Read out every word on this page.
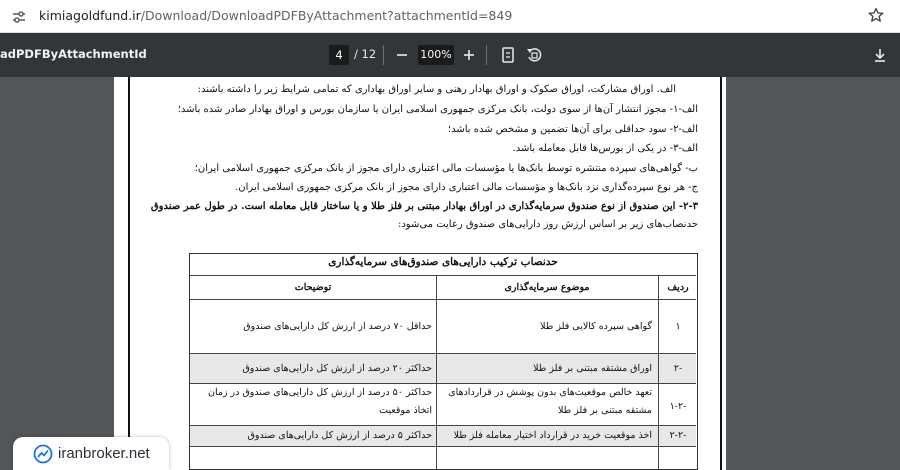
kimiagoldfund.ir/Download/DownloadPDFByAttachment?attachmentId=849
adPDFByAttachmentId	4 / 12	100%
الف. اوراق مشارکت، اوراق صکوک و اوراق بهادار رهنی و سایر اوراق بهاداری که تمامی شرایط زیر را داشته باشند:
الف-۱- مجوز انتشار آن‌ها از سوی دولت، بانک مرکزی جمهوری اسلامی ایران یا سازمان بورس و اوراق بهادار صادر شده باشد؛
الف-۲- سود حداقلی برای آن‌ها تضمین و مشخص شده باشد؛
الف-۳- در یکی از بورس‌ها قابل معامله باشد.
ب- گواهی‌های سپرده منتشره توسط بانک‌ها یا مؤسسات مالی اعتباری دارای مجوز از بانک مرکزی جمهوری اسلامی ایران؛
ج- هر نوع سپرده‌گذاری نزد بانک‌ها و مؤسسات مالی اعتباری دارای مجوز از بانک مرکزی جمهوری اسلامی ایران.
۲-۳- این صندوق از نوع صندوق سرمایه‌گذاری در اوراق بهادار مبتنی بر فلز طلا و یا ساختار قابل معامله است. در طول عمر صندوق
حدنصاب‌های زیر بر اساس ارزش روز دارایی‌های صندوق رعایت می‌شود:
حدنصاب ترکیب دارایی‌های صندوق‌های سرمایه‌گذاری
ردیف
موضوع سرمایه‌گذاری
توضیحات
۱
گواهی سپرده کالایی فلز طلا
حداقل ۷۰ درصد از ارزش کل دارایی‌های صندوق
-۲
اوراق مشتقه مبتنی بر فلز طلا
حداکثر ۲۰ درصد از ارزش کل دارایی‌های صندوق
-۱-۲
تعهد خالص موقعیت‌های بدون پوشش در قراردادهای
مشتقه مبتنی بر فلز طلا
حداکثر ۵۰ درصد از ارزش کل دارایی‌های صندوق در زمان
اتخاذ موقعیت
-۲-۲
اخذ موقعیت خرید در قرارداد اختیار معامله فلز طلا
حداکثر ۵ درصد از ارزش کل دارایی‌های صندوق
iranbroker.net
